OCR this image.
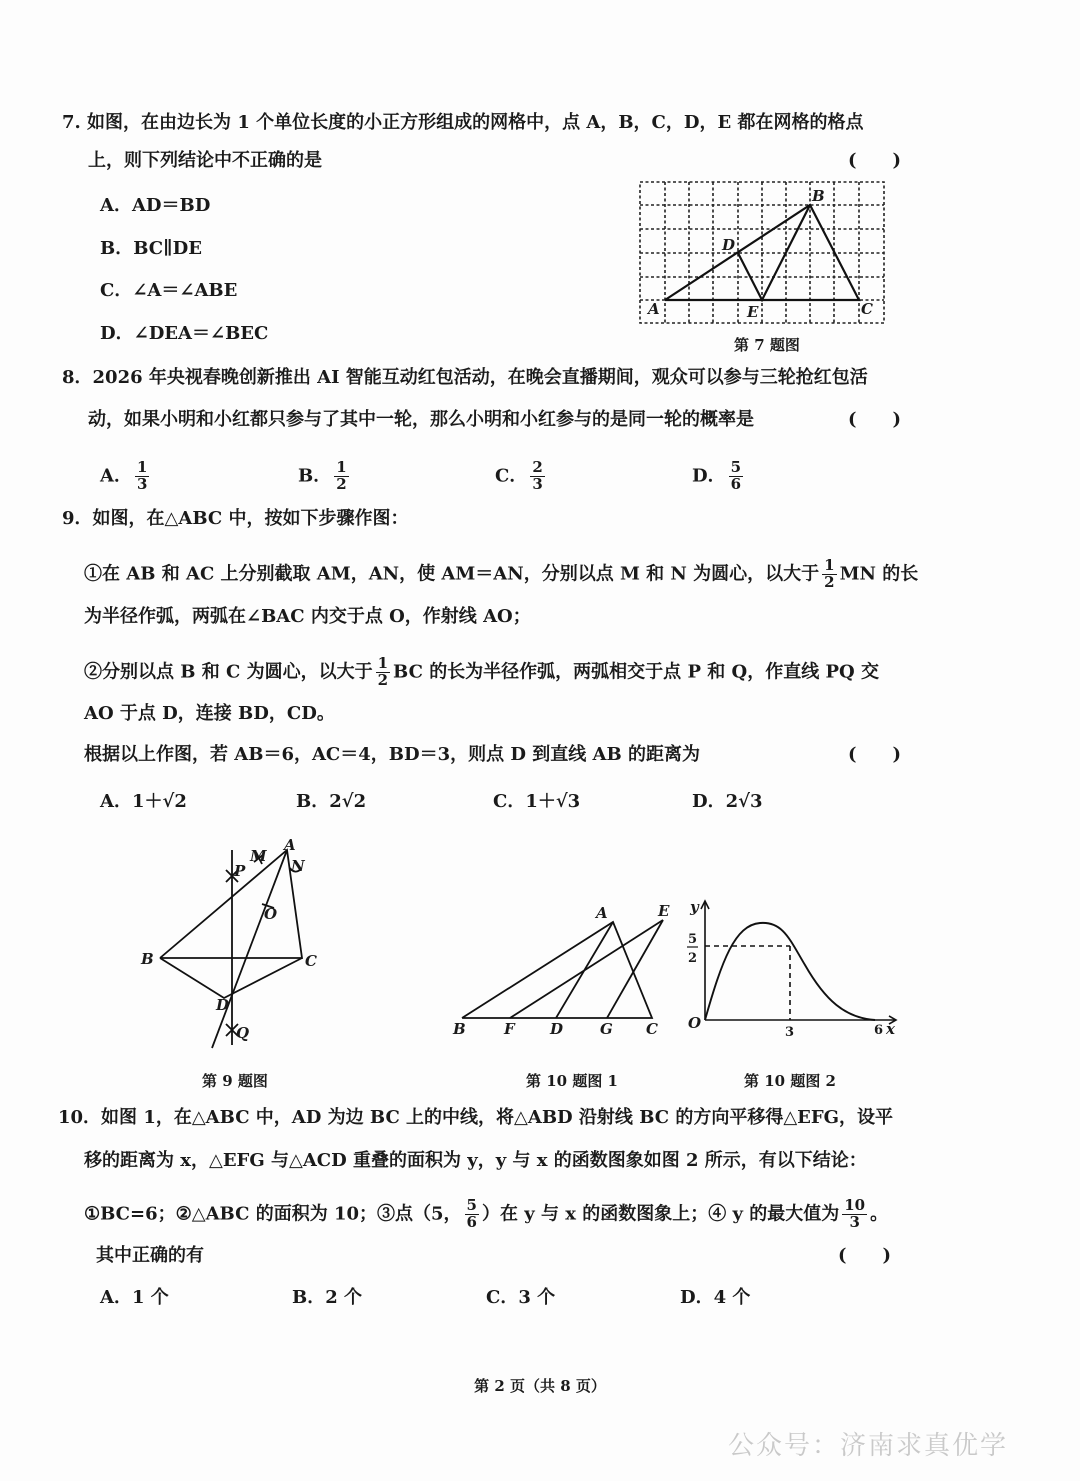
7. 如图，在由边长为 1 个单位长度的小正方形组成的网格中，点 A，B，C，D，E 都在网格的格点
上，则下列结论中不正确的是	(　　)
A．AD＝BD
B．BC∥DE
C．∠A＝∠ABE
D．∠DEA＝∠BEC
8．2026 年央视春晚创新推出 AI 智能互动红包活动，在晚会直播期间，观众可以参与三轮抢红包活
动，如果小明和小红都只参与了其中一轮，那么小明和小红参与的是同一轮的概率是	(　　)
A． $\frac{1}{3}$	B． $\frac{1}{2}$	C． $\frac{2}{3}$	D． $\frac{5}{6}$
9．如图，在△ABC 中，按如下步骤作图：
①在 AB 和 AC 上分别截取 AM，AN，使 AM＝AN，分别以点 M 和 N 为圆心，以大于 $\frac{1}{2}$ MN 的长
为半径作弧，两弧在∠BAC 内交于点 O，作射线 AO；
②分别以点 B 和 C 为圆心，以大于 $\frac{1}{2}$ BC 的长为半径作弧，两弧相交于点 P 和 Q，作直线 PQ 交
AO 于点 D，连接 BD，CD。
根据以上作图，若 AB＝6，AC＝4，BD＝3，则点 D 到直线 AB 的距离为	(　　)
A．1＋√2	B．2√2	C．1＋√3	D．2√3
10．如图 1，在△ABC 中，AD 为边 BC 上的中线，将△ABD 沿射线 BC 的方向平移得△EFG，设平
移的距离为 x，△EFG 与△ACD 重叠的面积为 y，y 与 x 的函数图象如图 2 所示，有以下结论：
①BC=6；②△ABC 的面积为 10；③点（5， $\frac{5}{6}$ ）在 y 与 x 的函数图象上；④ y 的最大值为 $\frac{10}{3}$ 。
其中正确的有	(　　)
A．1 个	B．2 个	C．3 个	D．4 个
A
B
C
D
E
A
B	C
D
M
N
O
P
Q
A
B	C
D
E
F	G
y
x
O
3	6
5
2
第 7 题图
第 9 题图	第 10 题图 1	第 10 题图 2
第 2 页（共 8 页）
公众号：济南求真优学
